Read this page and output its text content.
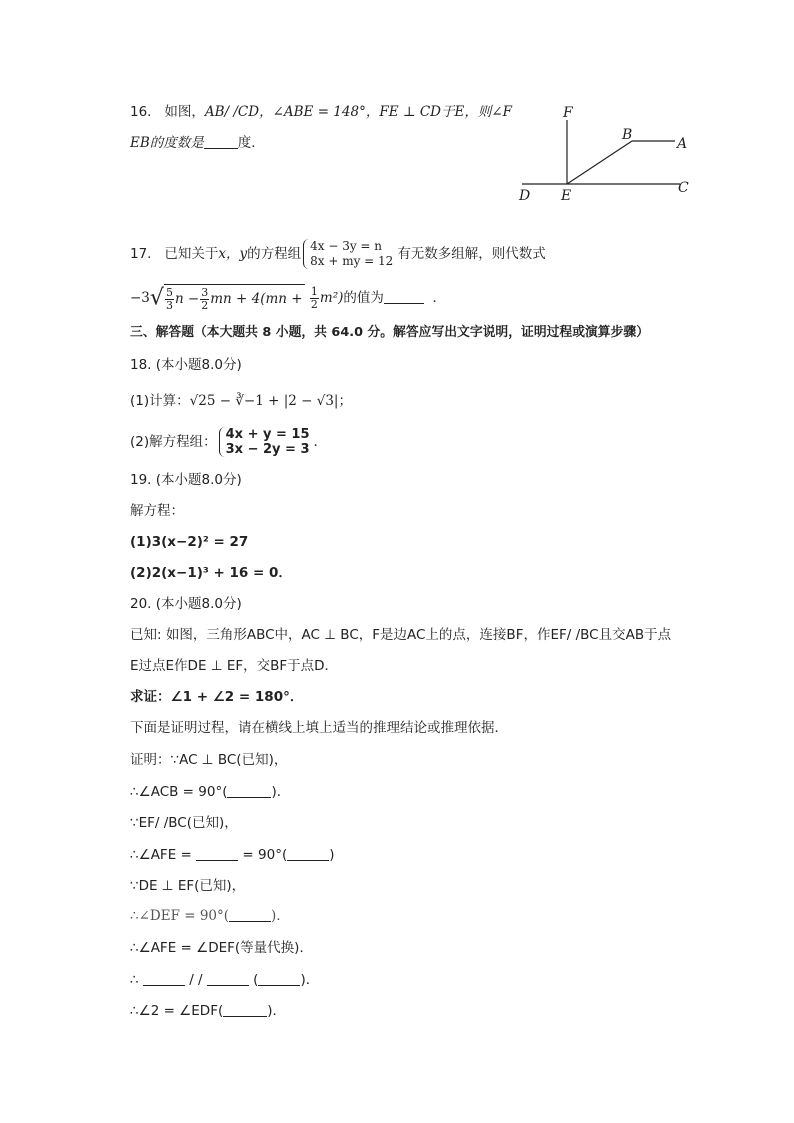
16. 如图，AB/ /CD，∠ABE = 148°，FE ⊥ CD于E，则∠F
EB的度数是	度．
F
B
A
D E	C
17. 已知关于x，y的方程组 4x − 3y = n
8x + my = 12 有无数多组解，则代数式
$-3√ \frac{5}{3}$ $n - \frac{3}{2}$ mn + $4(mn + \frac{1}{2} m^2)$的值为	．
三、解答题（本大题共 8 小题，共 64.0 分。解答应写出文字说明，证明过程或演算步骤）
18. (本小题8.0分)
(1)计算：√25 − ∛−1 + |2 − √3|；
(2)解方程组： 4x + y = 15
3x − 2y = 3 ．
19. (本小题8.0分)
解方程：
(1)3(x−2)² = 27
(2)2(x−1)³ + 16 = 0．
20. (本小题8.0分)
已知: 如图，三角形ABC中，AC ⊥ BC，F是边AC上的点，连接BF，作EF/ /BC且交AB于点
E过点E作DE ⊥ EF，交BF于点D．
求证：∠1 + ∠2 = 180°．
下面是证明过程，请在横线上填上适当的推理结论或推理依据．
证明：∵AC ⊥ BC(已知)，
∴∠ACB = 90°(	)．
∵EF/ /BC(已知)，
∴∠AFE =	= 90°(	)
∵DE ⊥ EF(已知)，
∴∠DEF = 90°(	)．
∴∠AFE = ∠DEF(等量代换)．
∴	/ /	(	)．
∴∠2 = ∠EDF(	)．
